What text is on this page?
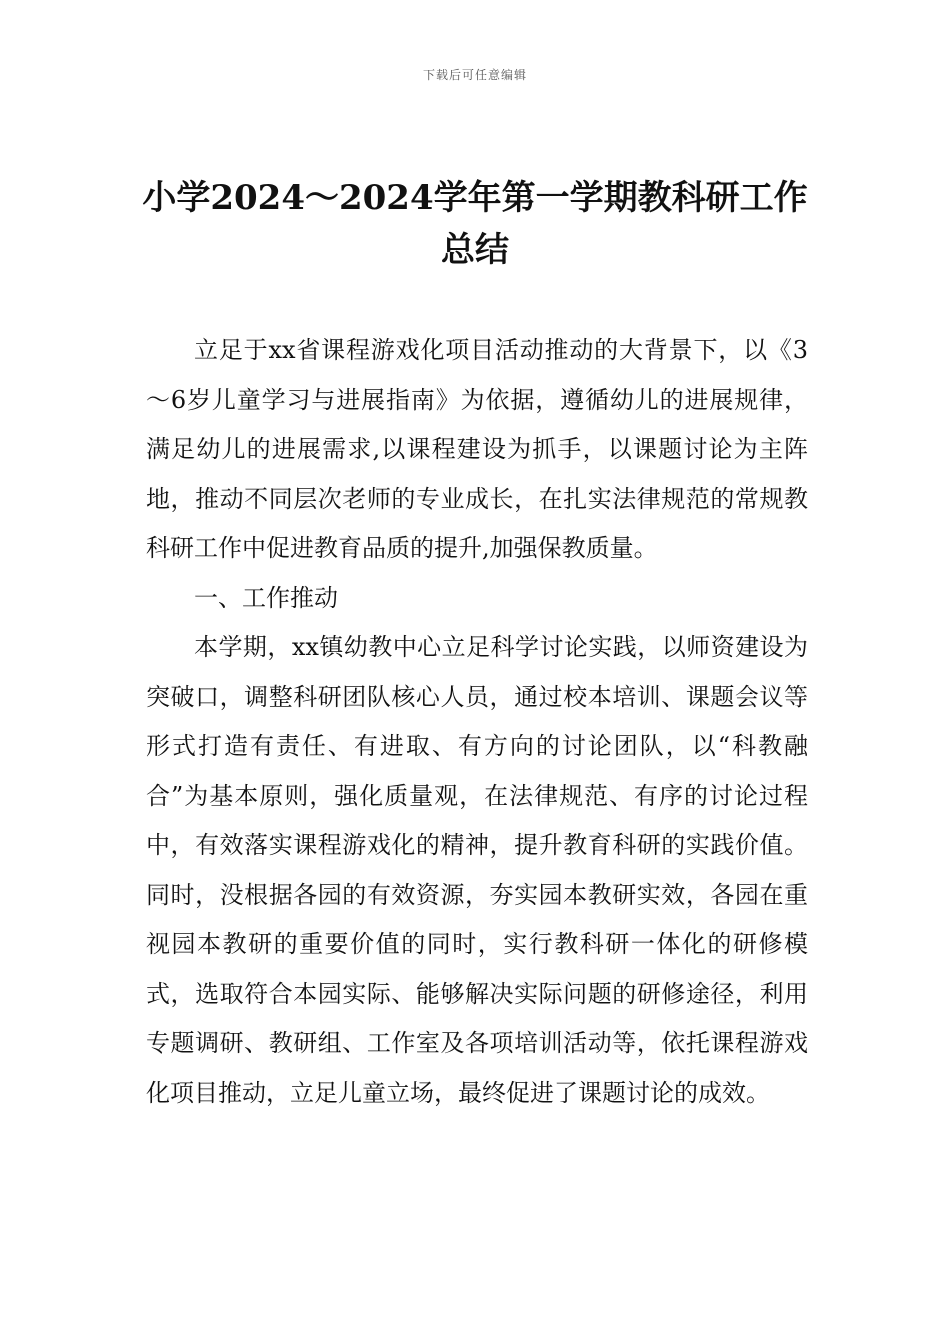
下载后可任意编辑
小学2024～2024学年第一学期教科研工作总结

立足于xx省课程游戏化项目活动推动的大背景下，以《3～6岁儿童学习与进展指南》为依据，遵循幼儿的进展规律，满足幼儿的进展需求,以课程建设为抓手，以课题讨论为主阵地，推动不同层次老师的专业成长，在扎实法律规范的常规教科研工作中促进教育品质的提升,加强保教质量。

一、工作推动

本学期，xx镇幼教中心立足科学讨论实践，以师资建设为突破口，调整科研团队核心人员，通过校本培训、课题会议等形式打造有责任、有进取、有方向的讨论团队，以“科教融合”为基本原则，强化质量观，在法律规范、有序的讨论过程中，有效落实课程游戏化的精神，提升教育科研的实践价值。同时，没根据各园的有效资源，夯实园本教研实效，各园在重视园本教研的重要价值的同时，实行教科研一体化的研修模式，选取符合本园实际、能够解决实际问题的研修途径，利用专题调研、教研组、工作室及各项培训活动等，依托课程游戏化项目推动，立足儿童立场，最终促进了课题讨论的成效。
